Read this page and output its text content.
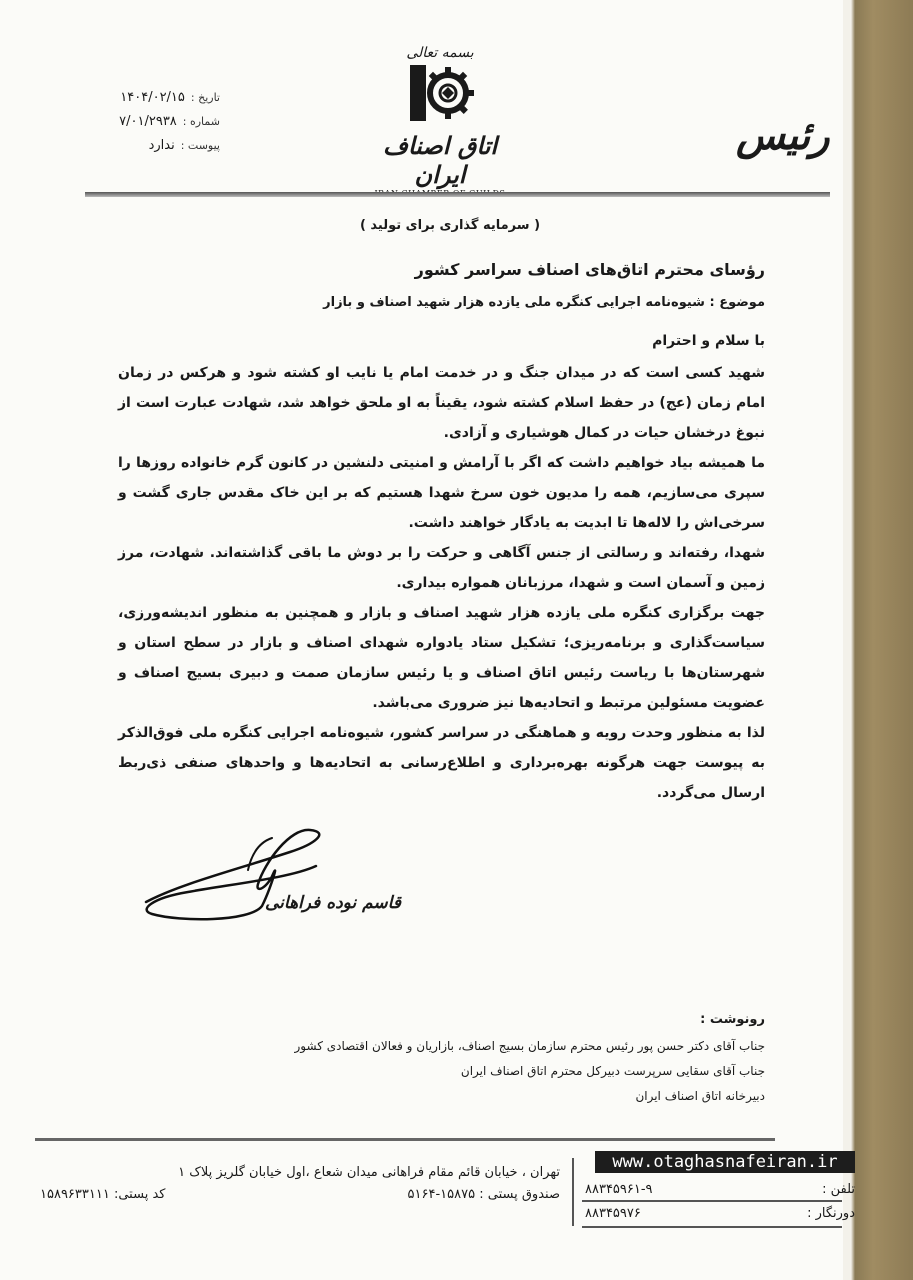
تاریخ :
۱۴۰۴/۰۲/۱۵
شماره :
۷/۰۱/۲۹۳۸
پیوست :
ندارد
بسمه تعالی
اتاق اصناف ایران
رئیس
( سرمایه گذاری برای تولید )
رؤسای محترم اتاق‌های اصناف سراسر کشور
موضوع : شیوه‌نامه اجرایی کنگره ملی یازده هزار شهید اصناف و بازار
با سلام و احترام

شهید کسی است که در میدان جنگ و در خدمت امام یا نایب او کشته شود و هرکس در زمان امام زمان (عج) در حفظ اسلام کشته شود، یقیناً به او ملحق خواهد شد، شهادت عبارت است از نبوغ درخشان حیات در کمال هوشیاری و آزادی.

ما همیشه بیاد خواهیم داشت که اگر با آرامش و امنیتی دلنشین در کانون گرم خانواده روزها را سپری می‌سازیم، همه را مدیون خون سرخ شهدا هستیم که بر این خاک مقدس جاری گشت و سرخی‌اش را لاله‌ها تا ابدیت به یادگار خواهند داشت.

شهدا، رفته‌اند و رسالتی از جنس آگاهی و حرکت را بر دوش ما باقی گذاشته‌اند. شهادت، مرز زمین و آسمان است و شهدا، مرزبانان همواره بیداری.

جهت برگزاری کنگره ملی یازده هزار شهید اصناف و بازار و همچنین به منظور اندیشه‌ورزی، سیاست‌گذاری و برنامه‌ریزی؛ تشکیل ستاد یادواره شهدای اصناف و بازار در سطح استان و شهرستان‌ها با ریاست رئیس اتاق اصناف و یا رئیس سازمان صمت و دبیری بسیج اصناف و عضویت مسئولین مرتبط و اتحادیه‌ها نیز ضروری می‌باشد.

لذا به منظور وحدت رویه و هماهنگی در سراسر کشور، شیوه‌نامه اجرایی کنگره ملی فوق‌الذکر به پیوست جهت هرگونه بهره‌برداری و اطلاع‌رسانی به اتحادیه‌ها و واحدهای صنفی ذی‌ربط ارسال می‌گردد.

قاسم نوده فراهانی
رونوشت :
جناب آقای دکتر حسن پور رئیس محترم سازمان بسیج اصناف، بازاریان و فعالان اقتصادی کشور
جناب آقای سقایی سرپرست دبیرکل محترم اتاق اصناف ایران
دبیرخانه اتاق اصناف ایران
تهران ، خیابان قائم مقام فراهانی میدان شعاع ،اول خیابان گلریز پلاک ۱
صندوق پستی : ۱۵۸۷۵-۵۱۶۴
کد پستی: ۱۵۸۹۶۳۳۱۱۱
www.otaghasnafeiran.ir
تلفن :
۸۸۳۴۵۹۶۱-۹
دورنگار :
۸۸۳۴۵۹۷۶
